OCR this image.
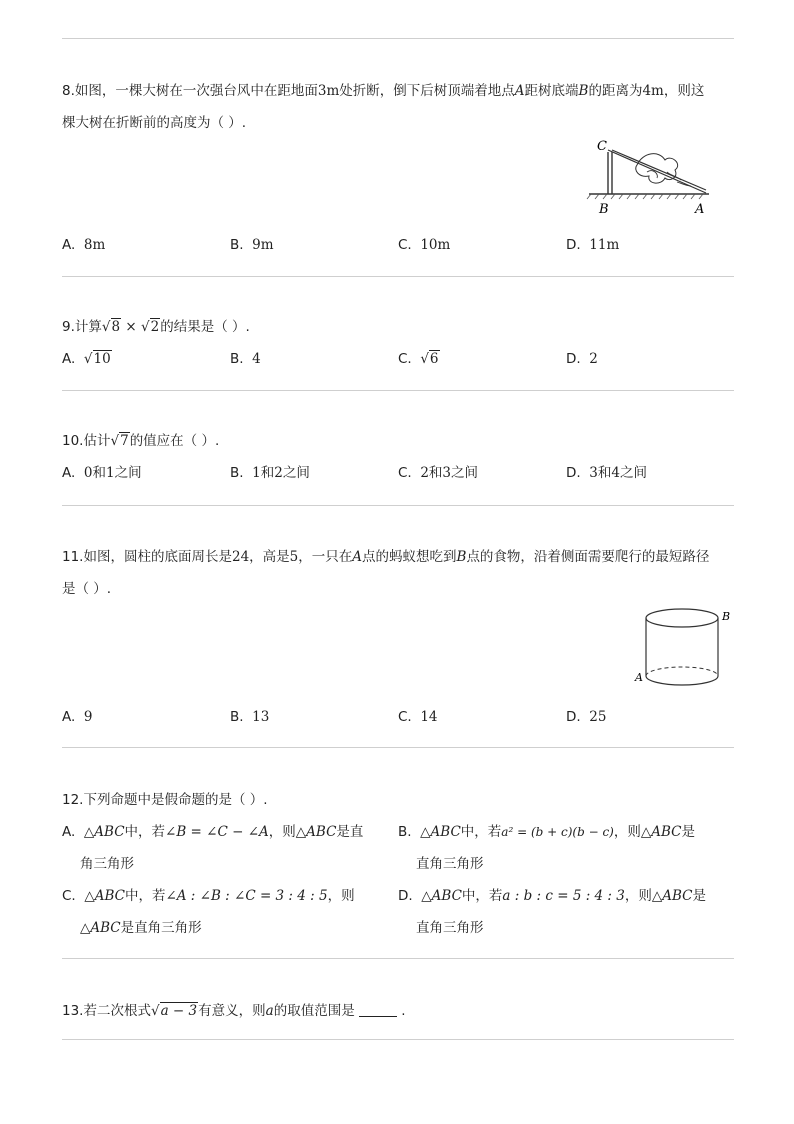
8.如图，一棵大树在一次强台风中在距地面3m处折断，倒下后树顶端着地点A距树底端B的距离为4m，则这
棵大树在折断前的高度为（ ）.
C
B	A
A. 8m	B. 9m	C. 10m	D. 11m
9.计算√8 × √2的结果是（ ）.
A. √10	B. 4	C. √6	D. 2
10.估计√7的值应在（ ）.
A. 0和1之间	B. 1和2之间	C. 2和3之间	D. 3和4之间
11.如图，圆柱的底面周长是24，高是5，一只在A点的蚂蚁想吃到B点的食物，沿着侧面需要爬行的最短路径
是（ ）.
B
A
A. 9	B. 13	C. 14	D. 25
12.下列命题中是假命题的是（ ）.
A. △ABC中，若∠B = ∠C − ∠A，则△ABC是直
角三角形
B. △ABC中，若a² = (b + c)(b − c)，则△ABC是
直角三角形
C. △ABC中，若∠A : ∠B : ∠C = 3 : 4 : 5，则
△ABC是直角三角形
D. △ABC中，若a : b : c = 5 : 4 : 3，则△ABC是
直角三角形
13.若二次根式√a − 3有意义，则a的取值范围是	.
